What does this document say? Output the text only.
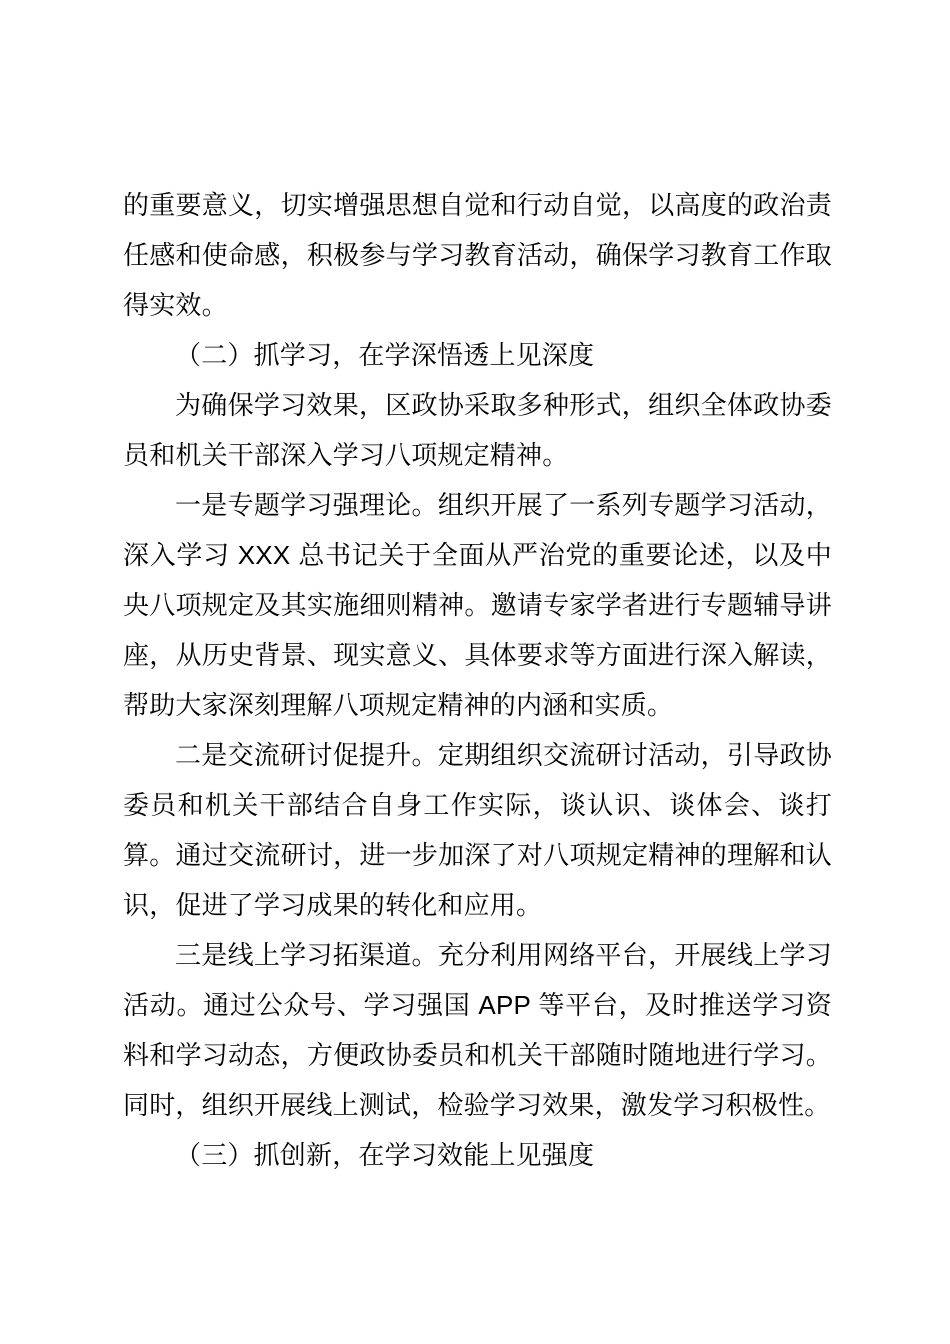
的重要意义，切实增强思想自觉和行动自觉，以高度的政治责任感和使命感，积极参与学习教育活动，确保学习教育工作取得实效。

（二）抓学习，在学深悟透上见深度

为确保学习效果，区政协采取多种形式，组织全体政协委员和机关干部深入学习八项规定精神。

一是专题学习强理论。组织开展了一系列专题学习活动，深入学习 XXX 总书记关于全面从严治党的重要论述，以及中央八项规定及其实施细则精神。邀请专家学者进行专题辅导讲座，从历史背景、现实意义、具体要求等方面进行深入解读，帮助大家深刻理解八项规定精神的内涵和实质。

二是交流研讨促提升。定期组织交流研讨活动，引导政协委员和机关干部结合自身工作实际，谈认识、谈体会、谈打算。通过交流研讨，进一步加深了对八项规定精神的理解和认识，促进了学习成果的转化和应用。

三是线上学习拓渠道。充分利用网络平台，开展线上学习活动。通过公众号、学习强国 APP 等平台，及时推送学习资料和学习动态，方便政协委员和机关干部随时随地进行学习。同时，组织开展线上测试，检验学习效果，激发学习积极性。

（三）抓创新，在学习效能上见强度
